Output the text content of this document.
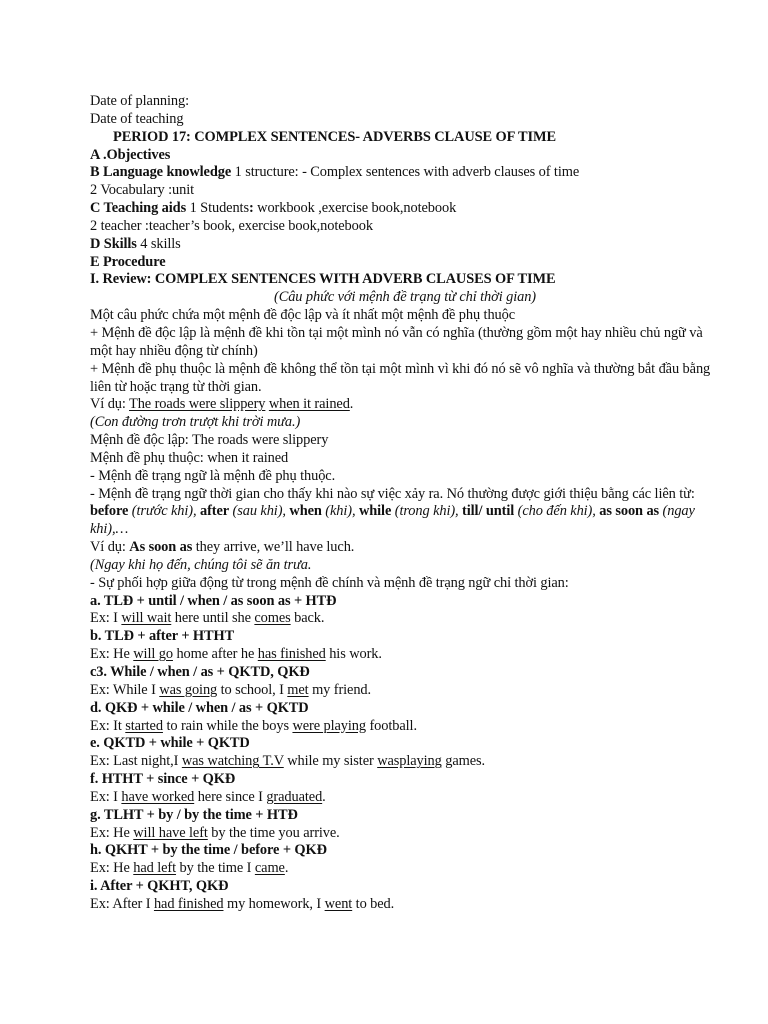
Date of planning:
Date of teaching
PERIOD 17: COMPLEX SENTENCES- ADVERBS CLAUSE OF TIME
A .Objectives
B Language knowledge 1 structure: - Complex sentences with adverb clauses of time
2 Vocabulary :unit
C Teaching aids 1 Students: workbook ,exercise book,notebook
2 teacher :teacher’s book, exercise book,notebook
D Skills 4 skills
E Procedure
I. Review: COMPLEX SENTENCES WITH ADVERB CLAUSES OF TIME
(Câu phức với mệnh đề trạng từ chỉ thời gian)
Một câu phức chứa một mệnh đề độc lập và ít nhất một mệnh đề phụ thuộc
+ Mệnh đề độc lập là mệnh đề khi tồn tại một mình nó vẫn có nghĩa (thường gồm một hay nhiều chủ ngữ và một hay nhiều động từ chính)
+ Mệnh đề phụ thuộc là mệnh đề không thể tồn tại một mình vì khi đó nó sẽ vô nghĩa và thường bắt đầu bằng liên từ hoặc trạng từ thời gian.
Ví dụ: The roads were slippery when it rained.
(Con đường trơn trượt khi trời mưa.)
Mệnh đề độc lập: The roads were slippery
Mệnh đề phụ thuộc: when it rained
- Mệnh đề trạng ngữ là mệnh đề phụ thuộc.
- Mệnh đề trạng ngữ thời gian cho thấy khi nào sự việc xảy ra. Nó thường được giới thiệu bằng các liên từ: before (trước khi), after (sau khi), when (khi), while (trong khi), till/ until (cho đến khi), as soon as (ngay khi),…
Ví dụ: As soon as they arrive, we’ll have luch.
(Ngay khi họ đến, chúng tôi sẽ ăn trưa.
- Sự phối hợp giữa động từ trong mệnh đề chính và mệnh đề trạng ngữ chỉ thời gian:
a. TLĐ + until / when / as soon as + HTĐ
Ex: I will wait here until she comes back.
b. TLĐ + after + HTHT
Ex: He will go home after he has finished his work.
c3. While / when / as + QKTD, QKĐ
Ex: While I was going to school, I met my friend.
d. QKĐ + while / when / as + QKTD
Ex: It started to rain while the boys were playing football.
e. QKTD + while + QKTD
Ex: Last night,I was watching T.V while my sister wasplaying games.
f. HTHT + since + QKĐ
Ex: I have worked here since I graduated.
g. TLHT + by / by the time + HTĐ
Ex: He will have left by the time you arrive.
h. QKHT + by the time / before + QKĐ
Ex: He had left by the time I came.
i. After + QKHT, QKĐ
Ex: After I had finished my homework, I went to bed.
